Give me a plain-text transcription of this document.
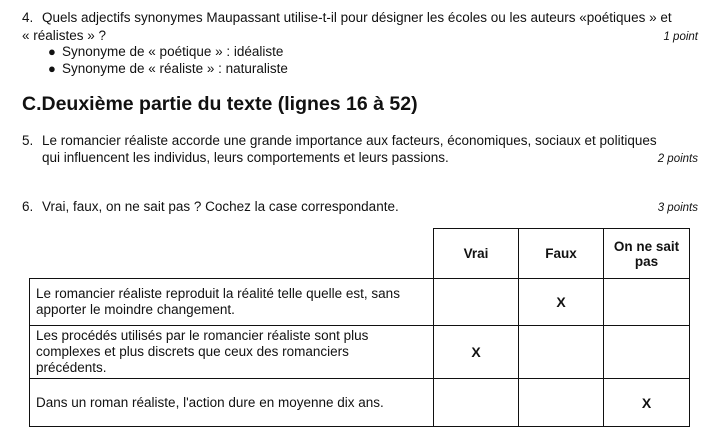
4. Quels adjectifs synonymes Maupassant utilise-t-il pour désigner les écoles ou les auteurs «poétiques » et
« réalistes » ?	1 point
● Synonyme de « poétique » : idéaliste
● Synonyme de « réaliste » : naturaliste
C.Deuxième partie du texte (lignes 16 à 52)
5. Le romancier réaliste accorde une grande importance aux facteurs, économiques, sociaux et politiques
qui influencent les individus, leurs comportements et leurs passions.	2 points
6. Vrai, faux, on ne sait pas ? Cochez la case correspondante.	3 points
	Vrai	Faux	On ne sait
pas

Le romancier réaliste reproduit la réalité telle quelle est, sans
apporter le moindre changement.		X	

Les procédés utilisés par le romancier réaliste sont plus
complexes et plus discrets que ceux des romanciers
précédents.	X		

Dans un roman réaliste, l'action dure en moyenne dix ans.			X
